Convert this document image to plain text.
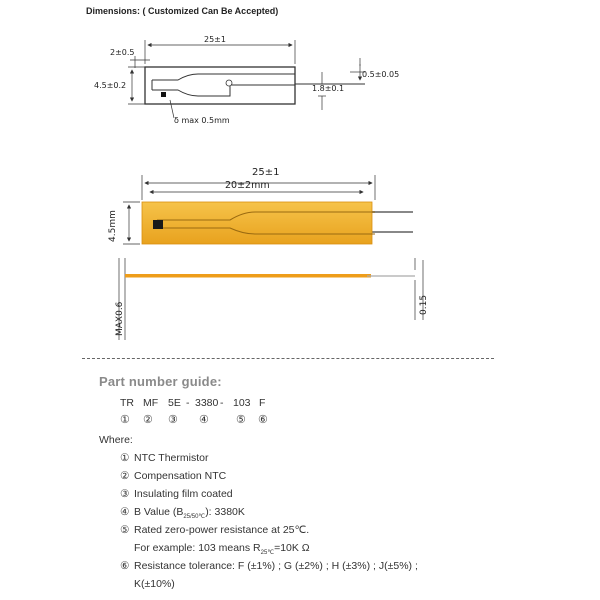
Dimensions: ( Customized Can Be Accepted)
25±1
2±0.5
4.5±0.2
0.5±0.05
1.8±0.1
δ max 0.5mm
25±1
20±2mm
4.5mm
MAX0.6	0.15
Part number guide:
TR MF 5E - 3380 - 103 F
① ② ③ ④ ⑤ ⑥
Where:
① NTC Thermistor
② Compensation NTC
③ Insulating film coated
④ B Value $(B_{25/50℃})$: 3380K
⑤ Rated zero-power resistance at 25℃.
For example: 103 means $R_{25℃}=10K$ Ω
⑥ Resistance tolerance: F (±1%) ; G (±2%) ; H (±3%) ; J(±5%) ;
K(±10%)
